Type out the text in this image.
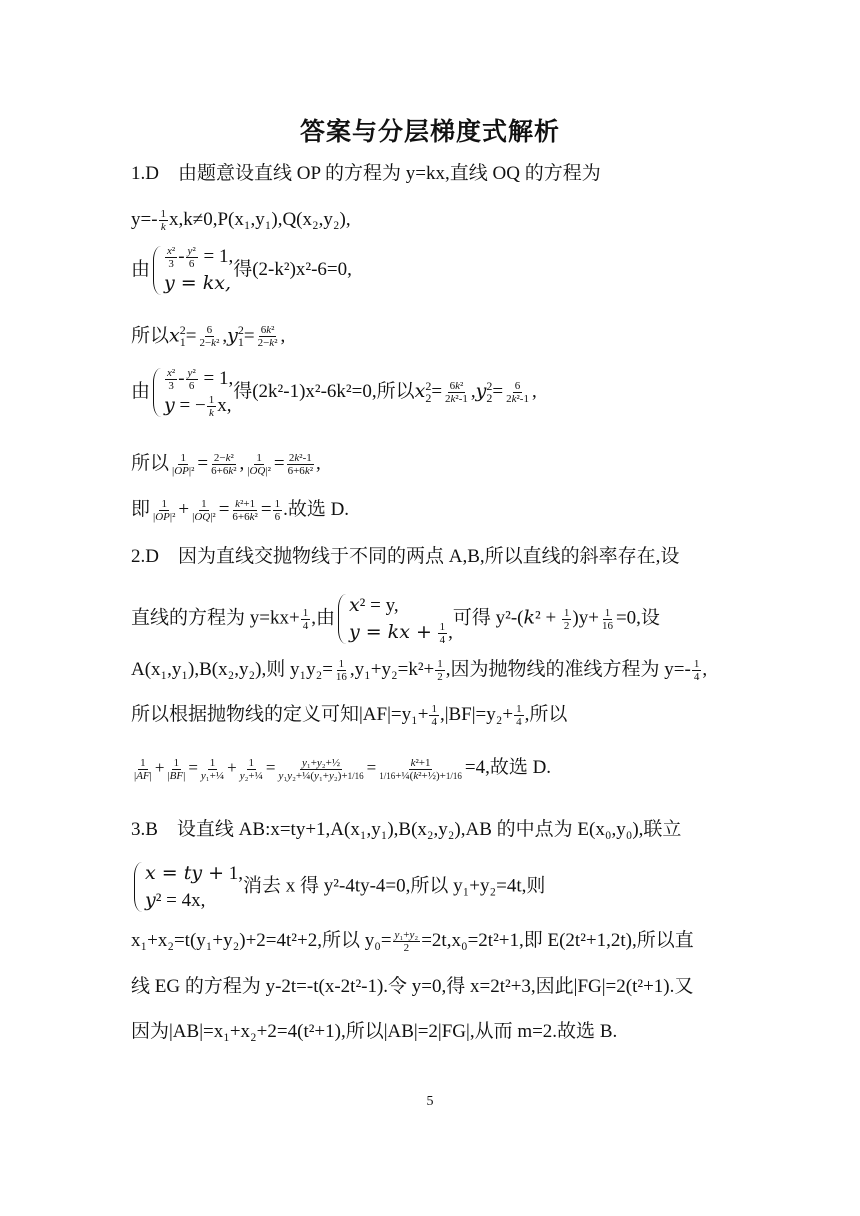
答案与分层梯度式解析
1.D　由题意设直线 OP 的方程为 y=kx,直线 OQ 的方程为
$y=- \frac{1}{k} x,k\ne 0,P(x_1,y_1),Q(x_2,y_2)$,
由 $\frac{\text{x²}}{3} - \frac{\text{y²}}{6} = 1$,
y = kx,
得(2-k²)x²-6=0,
所以$x_1^2= \frac{6}{\text{2−k²}} ,y_1^2= \frac{\text{6k²}}{\text{2−k²}}$ ,
由 $\frac{\text{x²}}{3} - \frac{\text{y²}}{6} = 1$,
y = − $\frac{1}{k} x$,
得(2k²-1)x²-6k²=0,所以$x_2^2= \frac{\text{6k²}}{\text{2k²-1}} ,y_2^2= \frac{6}{\text{2k²-1}}$ ,
所以 $\frac{1}{\text{|OP|²}} = \frac{\text{2−k²}}{\text{6+6k²}}$ , $\frac{1}{\text{|OQ|²}} = \frac{\text{2k²-1}}{\text{6+6k²}}$ ,
即 $\frac{1}{\text{|OP|²}} + \frac{1}{\text{|OQ|²}} = \frac{\text{k²+1}}{\text{6+6k²}} = \frac{1}{6}$ .故选 D.
2.D　因为直线交抛物线于不同的两点 A,B,所以直线的斜率存在,设
直线的方程为 $y=kx+ \frac{1}{4}$ ,由
x² = y,
y = kx + $\frac{1}{4}$ ,
可得 $y^2-(k^2 + \frac{1}{2} )y+ \frac{1}{16} =0$,设
A(x₁,y₁),B(x₂,y₂),则 $y_1y_2= \frac{1}{16} ,y_1+y_2=k^2+ \frac{1}{2}$ ,因为抛物线的准线方程为 $y=- \frac{1}{4}$ ,
所以根据抛物线的定义可知$|AF|=y_1+ \frac{1}{4} ,|BF|=y_2+ \frac{1}{4}$ ,所以
$\frac{1}{|AF|} + \frac{1}{|BF|} = \frac{1}{\text{y₁+¼}} + \frac{1}{\text{y₂+¼}} = \frac{\text{y₁+y₂+½}}{\text{y₁y₂+¼(y₁+y₂)+1/16}} = \frac{\text{k²+1}}{\text{1/16+¼(k²+½)+1/16}} =4$,故选 D.
3.B　设直线 AB:x=ty+1,A(x₁,y₁),B(x₂,y₂),AB 的中点为 E(x₀,y₀),联立
x = ty + 1,
y² = 4x,
消去 x 得 y²-4ty-4=0,所以 y₁+y₂=4t,则
x₁+x₂=t(y₁+y₂)+2=4t²+2,所以 $y_0= \frac{\text{y₁+y₂}}{2} =2t,x_0=2t^2+1$,即 E(2t²+1,2t),所以直
线 EG 的方程为 y-2t=-t(x-2t²-1).令 y=0,得 x=2t²+3,因此|FG|=2(t²+1).又
因为|AB|=x₁+x₂+2=4(t²+1),所以|AB|=2|FG|,从而 m=2.故选 B.
5
